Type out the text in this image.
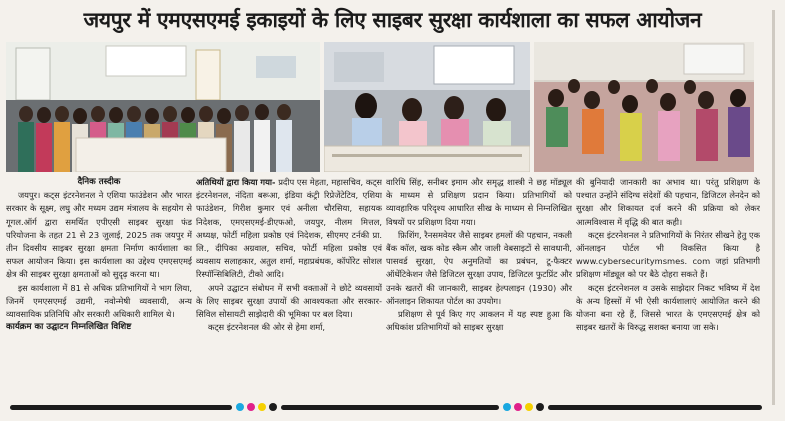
जयपुर में एमएसएमई इकाइयों के लिए साइबर सुरक्षा कार्यशाला का सफल आयोजन

दैनिक तस्दीक

जयपुर। कट्स इंटरनेशनल ने एशिया फाउंडेशन और भारत सरकार के सूक्ष्म, लघु और मध्यम उद्यम मंत्रालय के सहयोग से गूगल.ऑर्ग द्वारा समर्थित एपीएसी साइबर सुरक्षा फंड परियोजना के तहत 21 से 23 जुलाई, 2025 तक जयपुर में तीन दिवसीय साइबर सुरक्षा क्षमता निर्माण कार्यशाला का सफल आयोजन किया। इस कार्यशाला का उद्देश्य एमएसएमई क्षेत्र की साइबर सुरक्षा क्षमताओं को सुदृढ़ करना था।

इस कार्यशाला में 81 से अधिक प्रतिभागियों ने भाग लिया, जिनमें एमएसएमई उद्यमी, नवोन्मेषी व्यवसायी, अन्य व्यावसायिक प्रतिनिधि और सरकारी अधिकारी शामिल थे।

कार्यक्रम का उद्घाटन निम्नलिखित विशिष्ट

अतिथियों द्वारा किया गया- प्रदीप एस मेहता, महासचिव, कट्स इंटरनेशनल, नंदिता बरूआ, इंडिया कंट्री रिप्रेजेंटेटिव, एशिया फाउंडेशन, गिरीश कुमार एवं अनीला चौरसिया, सहायक निदेशक, एमएसएमई-डीएफओ, जयपुर, नीलम मित्तल, अध्यक्ष, फोर्टी महिला प्रकोष्ठ एवं निदेशक, सीएमए टर्नकी प्रा. लि., दीपिका अग्रवाल, सचिव, फोर्टी महिला प्रकोष्ठ एवं व्यवसाय सलाहकार, अतुल शर्मा, महाप्रबंधक, कॉर्पोरेट सोशल रिस्पॉन्सिबिलिटी, टीको आदि।

अपने उद्घाटन संबोधन में सभी वक्ताओं ने छोटे व्यवसायों के लिए साइबर सुरक्षा उपायों की आवश्यकता और सरकार-सिविल सोसायटी साझेदारी की भूमिका पर बल दिया।

कट्स इंटरनेशनल की ओर से हेमा शर्मा,

वारिधि सिंह, सनीबर इमाम और समृद्ध शास्त्री ने छह मॉड्यूल के माध्यम से प्रशिक्षण प्रदान किया। प्रतिभागियों को व्यावहारिक परिदृश्य आधारित सीख के माध्यम से निम्नलिखित विषयों पर प्रशिक्षण दिया गया।

फ़िशिंग, रैनसमवेयर जैसे साइबर हमलों की पहचान, नकली बैंक कॉल, खक कोड स्कैम और जाली वेबसाइटों से सावधानी, पासवर्ड सुरक्षा, ऐप अनुमतियों का प्रबंधन, टू-फैक्टर ऑथेंटिकेशन जैसे डिजिटल सुरक्षा उपाय, डिजिटल फुटप्रिंट और उनके खतरों की जानकारी, साइबर हेल्पलाइन (1930) और ऑनलाइन शिकायत पोर्टल का उपयोग।

प्रशिक्षण से पूर्व किए गए आकलन में यह स्पष्ट हुआ कि अधिकांश प्रतिभागियों को साइबर सुरक्षा

की बुनियादी जानकारी का अभाव था। परंतु प्रशिक्षण के पश्चात उन्होंने संदिग्ध संदेशों की पहचान, डिजिटल लेनदेन को सुरक्षा और शिकायत दर्ज करने की प्रक्रिया को लेकर आत्मविश्वास में वृद्धि की बात कही।

कट्स इंटरनेशनल ने प्रतिभागियों के निरंतर सीखने हेतु एक ऑनलाइन पोर्टल भी विकसित किया है www.cybersecuritymsmes. com जहां प्रतिभागी प्रशिक्षण मॉड्यूल को पर बैठे दोहरा सकते हैं।

कट्स इंटरनेशनल व उसके साझेदार निकट भविष्य में देश के अन्य हिस्सों में भी ऐसी कार्यशालाएं आयोजित करने की योजना बना रहे हैं, जिससे भारत के एमएसएमई क्षेत्र को साइबर खतरों के विरुद्ध सशक्त बनाया जा सके।
